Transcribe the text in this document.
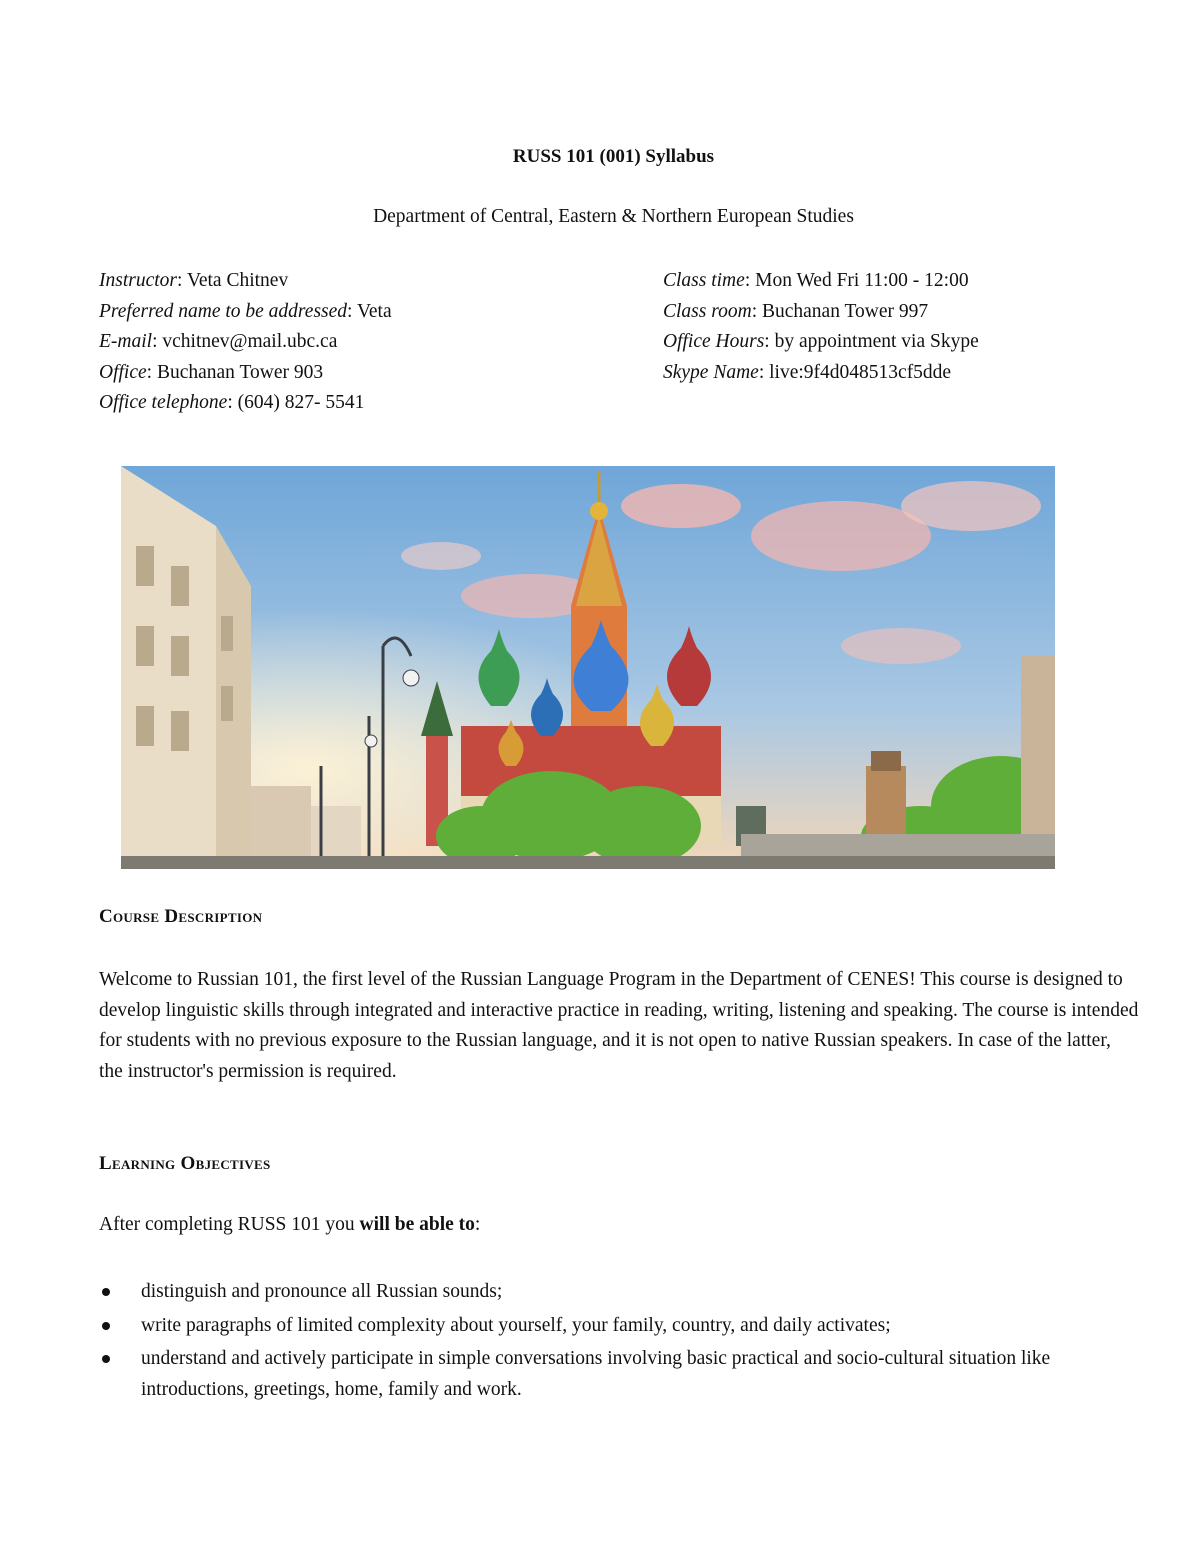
RUSS 101 (001) Syllabus
Department of Central, Eastern & Northern European Studies
Instructor: Veta Chitnev
Preferred name to be addressed: Veta
E-mail: vchitnev@mail.ubc.ca
Office: Buchanan Tower 903
Office telephone: (604) 827- 5541
Class time: Mon Wed Fri 11:00 - 12:00
Class room: Buchanan Tower 997
Office Hours: by appointment via Skype
Skype Name: live:9f4d048513cf5dde
Course Description
Welcome to Russian 101, the first level of the Russian Language Program in the Department of CENES! This course is designed to develop linguistic skills through integrated and interactive practice in reading, writing, listening and speaking. The course is intended for students with no previous exposure to the Russian language, and it is not open to native Russian speakers. In case of the latter, the instructor's permission is required.
Learning Objectives
After completing RUSS 101 you will be able to:
distinguish and pronounce all Russian sounds;
write paragraphs of limited complexity about yourself, your family, country, and daily activates;
understand and actively participate in simple conversations involving basic practical and socio-cultural situation like introductions, greetings, home, family and work.
